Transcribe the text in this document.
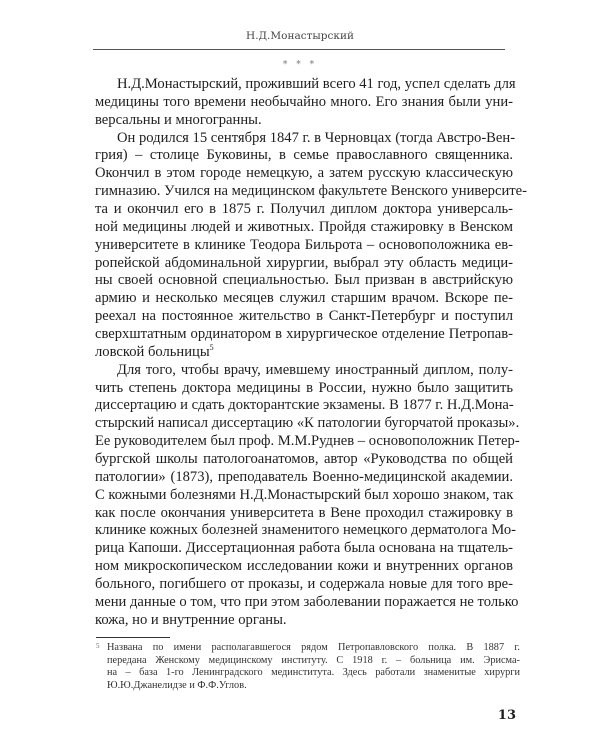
Н.Д.Монастырский
* * *
Н.Д.Монастырский, проживший всего 41 год, успел сделать для
медицины того времени необычайно много. Его знания были уни-
версальны и многогранны.
Он родился 15 сентября 1847 г. в Черновцах (тогда Австро-Вен-
грия) – столице Буковины, в семье православного священника.
Окончил в этом городе немецкую, а затем русскую классическую
гимназию. Учился на медицинском факультете Венского университе-
та и окончил его в 1875 г. Получил диплом доктора универсаль-
ной медицины людей и животных. Пройдя стажировку в Венском
университете в клинике Теодора Бильрота – основоположника ев-
ропейской абдоминальной хирургии, выбрал эту область медици-
ны своей основной специальностью. Был призван в австрийскую
армию и несколько месяцев служил старшим врачом. Вскоре пе-
реехал на постоянное жительство в Санкт-Петербург и поступил
сверхштатным ординатором в хирургическое отделение Петропав-
ловской больницы$^5$
Для того, чтобы врачу, имевшему иностранный диплом, полу-
чить степень доктора медицины в России, нужно было защитить
диссертацию и сдать докторантские экзамены. В 1877 г. Н.Д.Мона-
стырский написал диссертацию «К патологии бугорчатой проказы».
Ее руководителем был проф. М.М.Руднев – основоположник Петер-
бургской школы патологоанатомов, автор «Руководства по общей
патологии» (1873), преподаватель Военно-медицинской академии.
С кожными болезнями Н.Д.Монастырский был хорошо знаком, так
как после окончания университета в Вене проходил стажировку в
клинике кожных болезней знаменитого немецкого дерматолога Мо-
рица Капоши. Диссертационная работа была основана на тщатель-
ном микроскопическом исследовании кожи и внутренних органов
больного, погибшего от проказы, и содержала новые для того вре-
мени данные о том, что при этом заболевании поражается не только
кожа, но и внутренние органы.
5 Названа по имени располагавшегося рядом Петропавловского полка. В 1887 г.
передана Женскому медицинскому институту. С 1918 г. – больница им. Эрисма-
на – база 1-го Ленинградского мединститута. Здесь работали знаменитые хирурги
Ю.Ю.Джанелидзе и Ф.Ф.Углов.
13
